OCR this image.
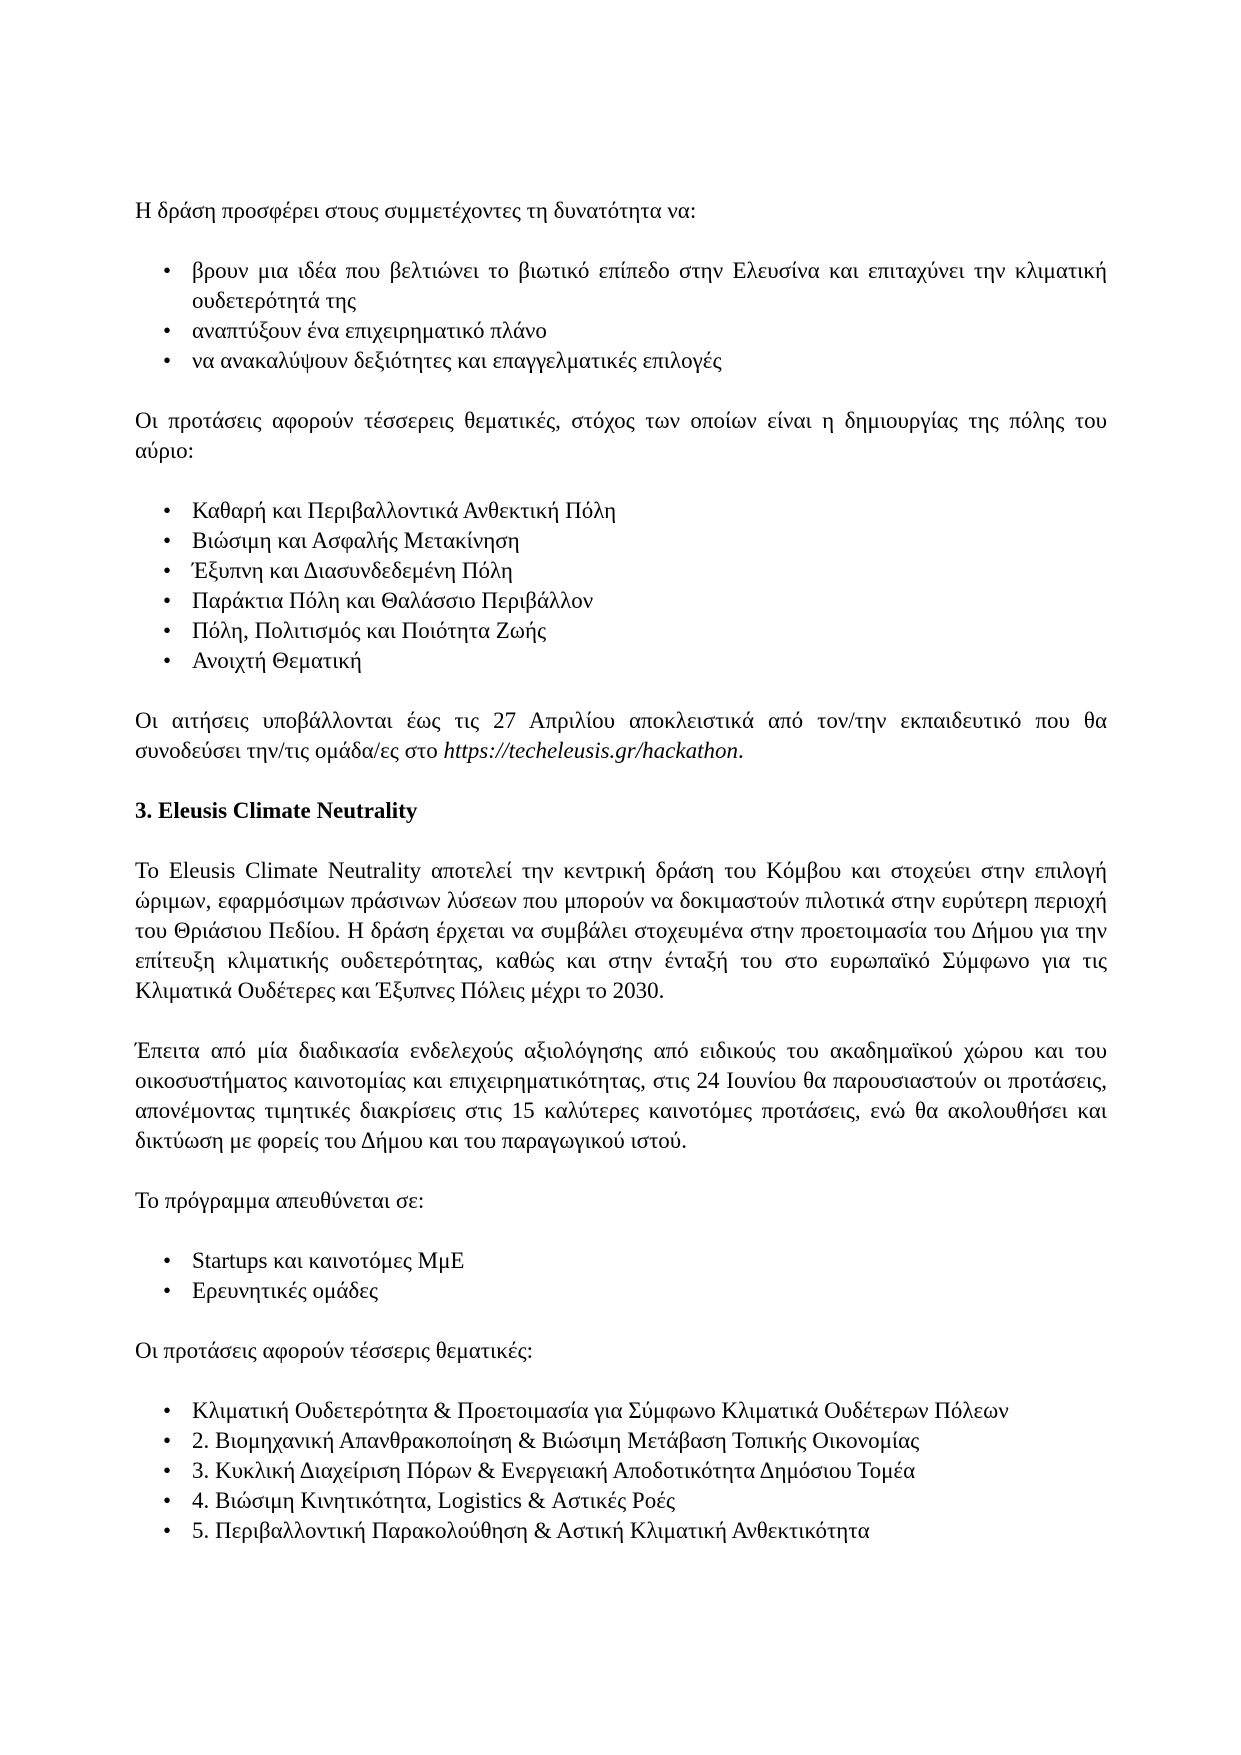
Η δράση προσφέρει στους συμμετέχοντες τη δυνατότητα να:

• βρουν μια ιδέα που βελτιώνει το βιωτικό επίπεδο στην Ελευσίνα και επιταχύνει την κλιματική ουδετερότητά της
• αναπτύξουν ένα επιχειρηματικό πλάνο
• να ανακαλύψουν δεξιότητες και επαγγελματικές επιλογές

Οι προτάσεις αφορούν τέσσερεις θεματικές, στόχος των οποίων είναι η δημιουργίας της πόλης του αύριο:

• Καθαρή και Περιβαλλοντικά Ανθεκτική Πόλη
• Βιώσιμη και Ασφαλής Μετακίνηση
• Έξυπνη και Διασυνδεδεμένη Πόλη
• Παράκτια Πόλη και Θαλάσσιο Περιβάλλον
• Πόλη, Πολιτισμός και Ποιότητα Ζωής
• Ανοιχτή Θεματική

Οι αιτήσεις υποβάλλονται έως τις 27 Απριλίου αποκλειστικά από τον/την εκπαιδευτικό που θα συνοδεύσει την/τις ομάδα/ες στο https://techeleusis.gr/hackathon.

3. Eleusis Climate Neutrality

Το Eleusis Climate Neutrality αποτελεί την κεντρική δράση του Κόμβου και στοχεύει στην επιλογή ώριμων, εφαρμόσιμων πράσινων λύσεων που μπορούν να δοκιμαστούν πιλοτικά στην ευρύτερη περιοχή του Θριάσιου Πεδίου. Η δράση έρχεται να συμβάλει στοχευμένα στην προετοιμασία του Δήμου για την επίτευξη κλιματικής ουδετερότητας, καθώς και στην ένταξή του στο ευρωπαϊκό Σύμφωνο για τις Κλιματικά Ουδέτερες και Έξυπνες Πόλεις μέχρι το 2030.

Έπειτα από μία διαδικασία ενδελεχούς αξιολόγησης από ειδικούς του ακαδημαϊκού χώρου και του οικοσυστήματος καινοτομίας και επιχειρηματικότητας, στις 24 Ιουνίου θα παρουσιαστούν οι προτάσεις, απονέμοντας τιμητικές διακρίσεις στις 15 καλύτερες καινοτόμες προτάσεις, ενώ θα ακολουθήσει και δικτύωση με φορείς του Δήμου και του παραγωγικού ιστού.

Το πρόγραμμα απευθύνεται σε:

• Startups και καινοτόμες ΜμΕ
• Ερευνητικές ομάδες

Οι προτάσεις αφορούν τέσσερις θεματικές:

• Κλιματική Ουδετερότητα & Προετοιμασία για Σύμφωνο Κλιματικά Ουδέτερων Πόλεων
• 2. Βιομηχανική Απανθρακοποίηση & Βιώσιμη Μετάβαση Τοπικής Οικονομίας
• 3. Κυκλική Διαχείριση Πόρων & Ενεργειακή Αποδοτικότητα Δημόσιου Τομέα
• 4. Βιώσιμη Κινητικότητα, Logistics & Αστικές Ροές
• 5. Περιβαλλοντική Παρακολούθηση & Αστική Κλιματική Ανθεκτικότητα
